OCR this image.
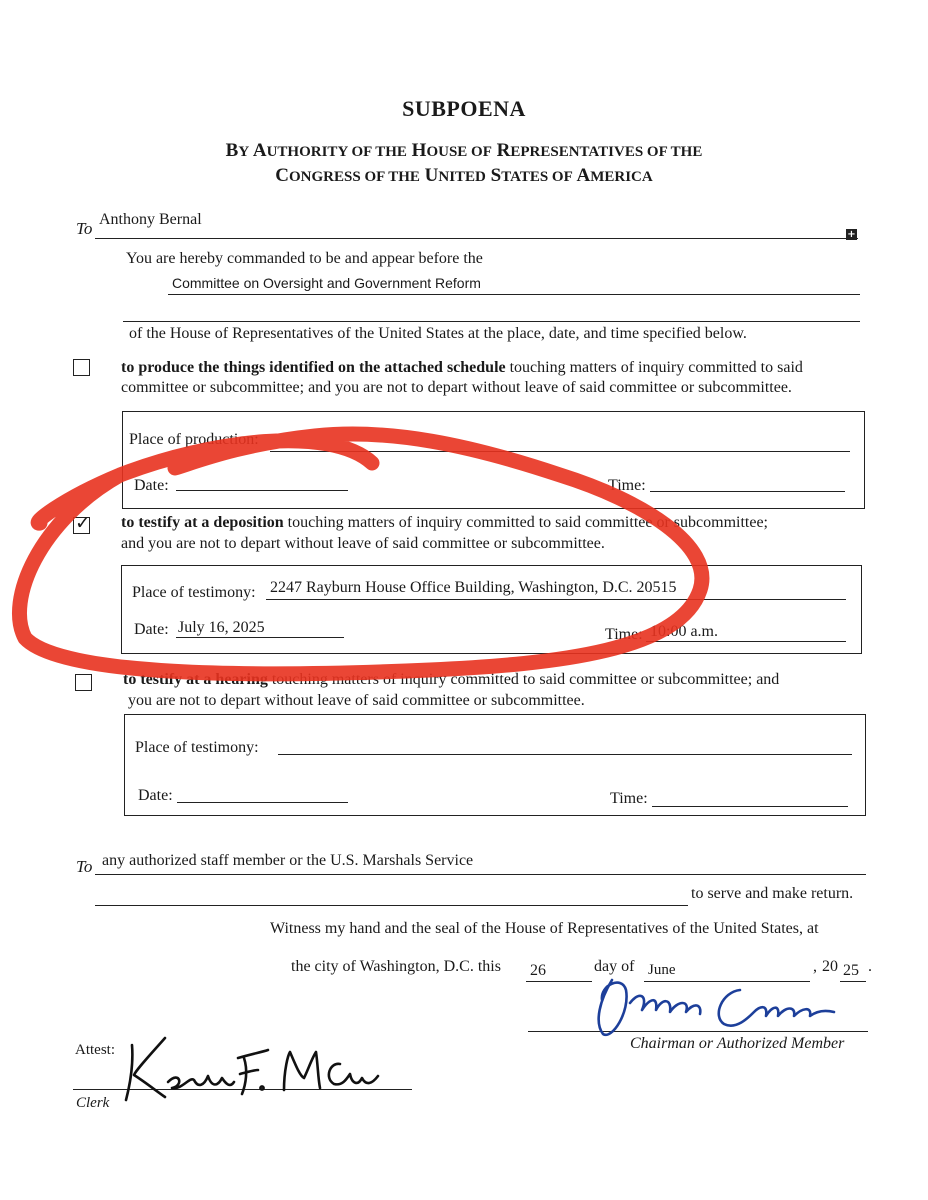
SUBPOENA
BY AUTHORITY OF THE HOUSE OF REPRESENTATIVES OF THE
CONGRESS OF THE UNITED STATES OF AMERICA
To Anthony Bernal
+
You are hereby commanded to be and appear before the
Committee on Oversight and Government Reform
of the House of Representatives of the United States at the place, date, and time specified below.
to produce the things identified on the attached schedule touching matters of inquiry committed to said
committee or subcommittee; and you are not to depart without leave of said committee or subcommittee.
Place of production:
Date:	Time:
✓ to testify at a deposition touching matters of inquiry committed to said committee or subcommittee;
and you are not to depart without leave of said committee or subcommittee.
Place of testimony: 2247 Rayburn House Office Building, Washington, D.C. 20515
Date: July 16, 2025	Time: 10:00 a.m.
to testify at a hearing touching matters of inquiry committed to said committee or subcommittee; and
you are not to depart without leave of said committee or subcommittee.
Place of testimony:
Date:	Time:
To any authorized staff member or the U.S. Marshals Service
to serve and make return.
Witness my hand and the seal of the House of Representatives of the United States, at
the city of Washington, D.C. this 26	day of June	, 20 25 .
Chairman or Authorized Member
Attest:
Clerk
